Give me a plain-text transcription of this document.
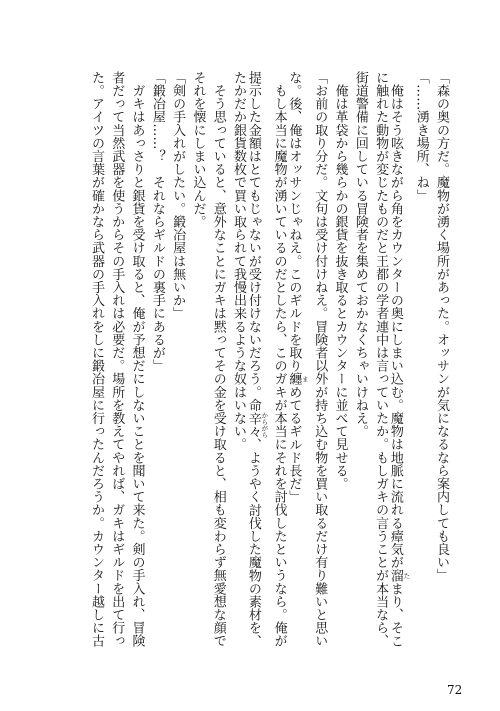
「森の奥の方だ。魔物が湧く場所があった。オッサンが気になるなら案内しても良い」
「……湧き場所、ね」
　俺はそう呟きながら角をカウンターの奥にしまい込む。魔物は地脈に流れる瘴気が溜 たまり、そこ
に触れた動物が変じたものだと王都の学者連中は言っていたか。もしガキの言うことが本当なら、
街道警備に回している冒険者を集めておかなくちゃいけねえ。
　俺は革袋から幾らかの銀貨を抜き取るとカウンターに並べて見せる。
「お前の取り分だ。文句は受け付けねえ。冒険者以外が持ち込む物を買い取るだけ有り難いと思い
な。後、俺はオッサンじゃねえ。このギルドを取り纏 まめてるギルド長だ」
　もし本当に魔物が湧いているのだとしたら、このガキが本当にそれを討伐したというなら。俺が
提示した金額はとてもじゃないが受け付けないだろう。命辛々 からがら、ようやく討伐した魔物の素材を、
たかだか銀貨数枚で買い取られて我慢出来るような奴はいない。
　そう思っていると、意外なことにガキは黙ってその金を受け取ると、相も変わらず無愛想な顔で
それを懐にしまい込んだ。
「剣の手入れがしたい。鍛冶屋は無いか」
「鍛冶屋……？　それならギルドの裏手にあるが」
　ガキはあっさりと銀貨を受け取ると、俺が予想だにしないことを聞いて来た。剣の手入れ、冒険
者だって当然武器を使うからその手入れは必要だ。場所を教えてやれば、ガキはギルドを出て行っ
た。アイツの言葉が確かなら武器の手入れをしに鍛冶屋に行ったんだろうか。カウンター越しに古
72
